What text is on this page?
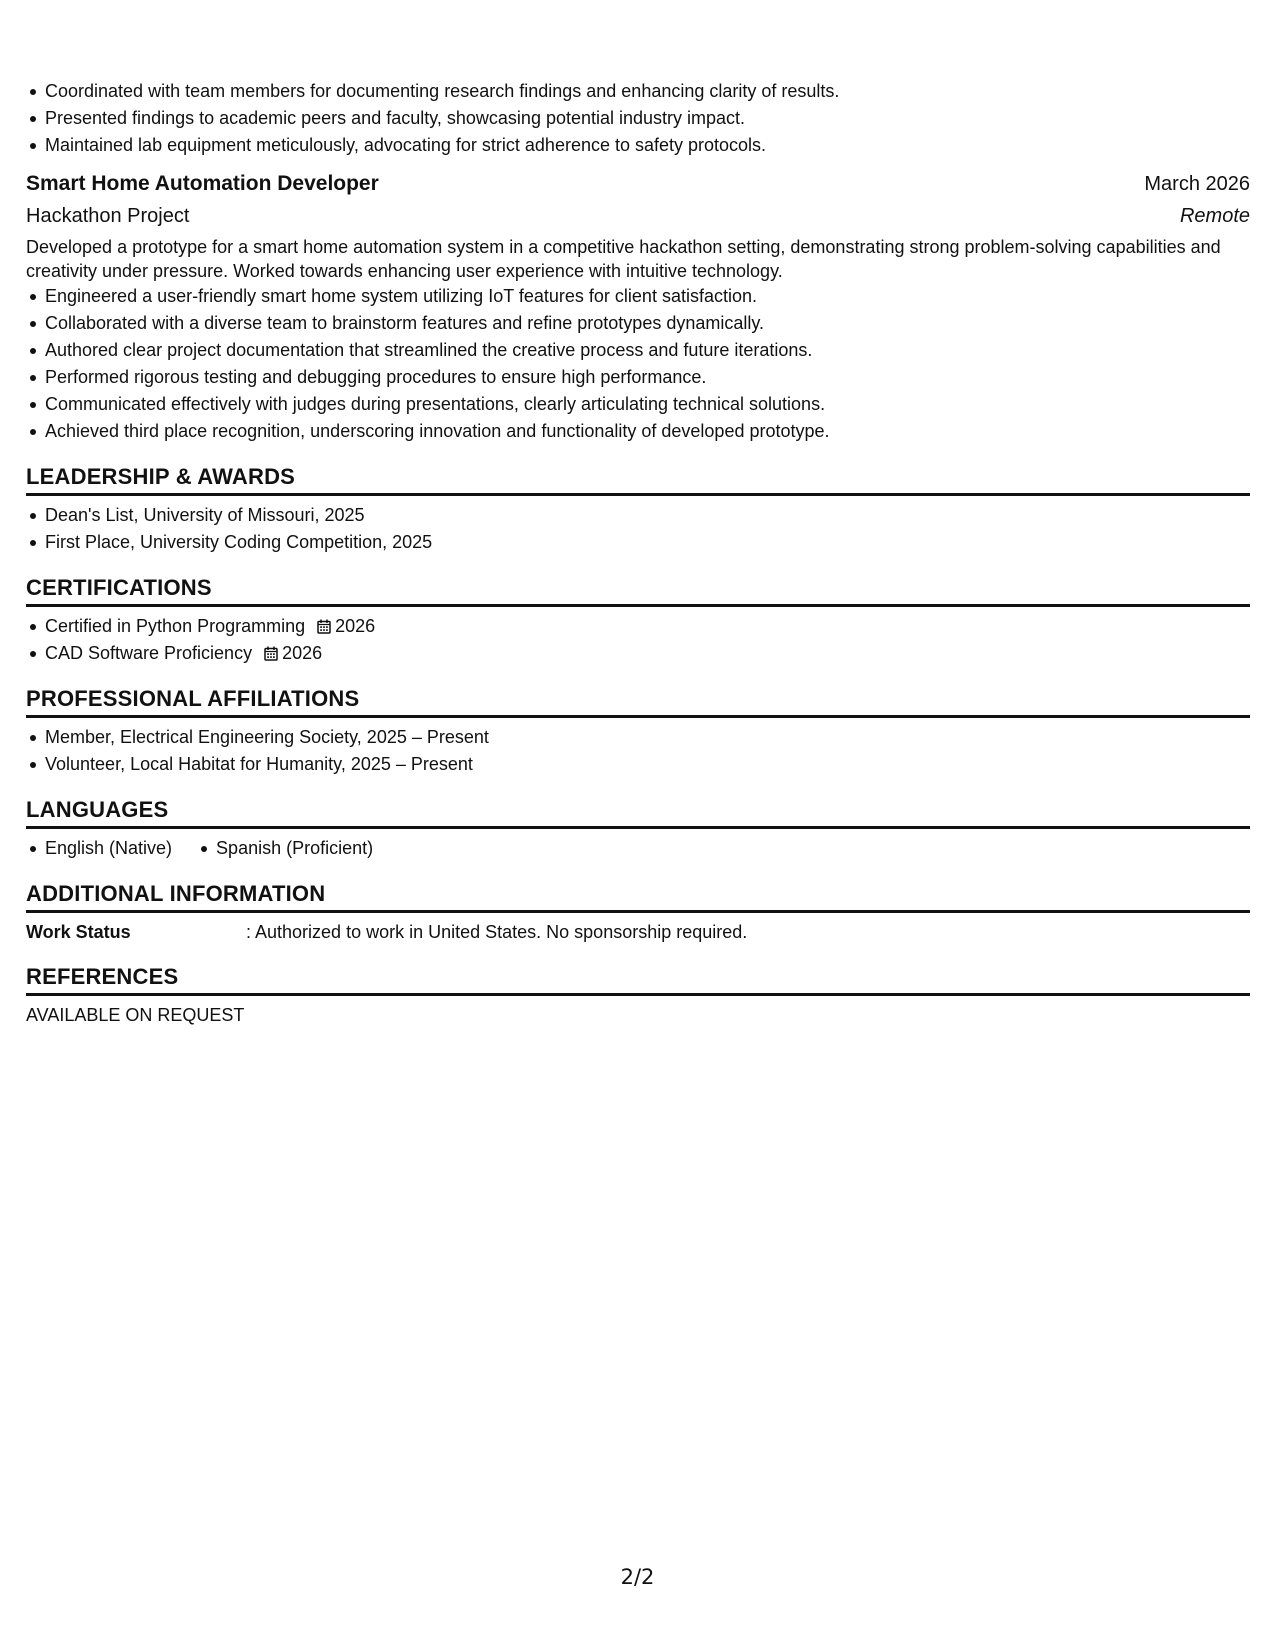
Coordinated with team members for documenting research findings and enhancing clarity of results.
Presented findings to academic peers and faculty, showcasing potential industry impact.
Maintained lab equipment meticulously, advocating for strict adherence to safety protocols.
Smart Home Automation Developer	March 2026
Hackathon Project	Remote
Developed a prototype for a smart home automation system in a competitive hackathon setting, demonstrating strong problem-solving capabilities and creativity under pressure. Worked towards enhancing user experience with intuitive technology.
Engineered a user-friendly smart home system utilizing IoT features for client satisfaction.
Collaborated with a diverse team to brainstorm features and refine prototypes dynamically.
Authored clear project documentation that streamlined the creative process and future iterations.
Performed rigorous testing and debugging procedures to ensure high performance.
Communicated effectively with judges during presentations, clearly articulating technical solutions.
Achieved third place recognition, underscoring innovation and functionality of developed prototype.
LEADERSHIP & AWARDS
Dean's List, University of Missouri, 2025
First Place, University Coding Competition, 2025
CERTIFICATIONS
Certified in Python Programming 2026
CAD Software Proficiency 2026
PROFESSIONAL AFFILIATIONS
Member, Electrical Engineering Society, 2025 – Present
Volunteer, Local Habitat for Humanity, 2025 – Present
LANGUAGES
English (Native) Spanish (Proficient)
ADDITIONAL INFORMATION
Work Status	: Authorized to work in United States. No sponsorship required.
REFERENCES
AVAILABLE ON REQUEST
2/2
